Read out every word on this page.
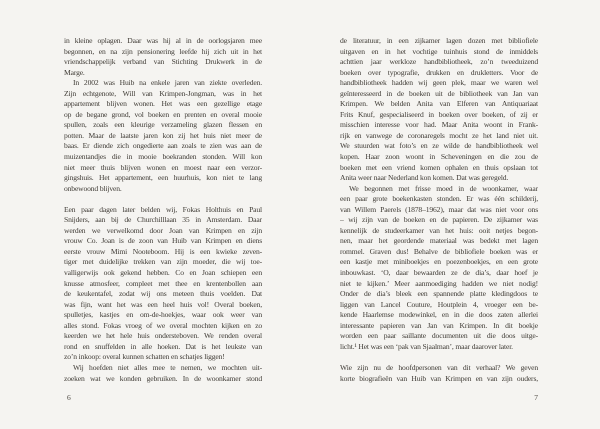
in kleine oplagen. Daar was hij al in de oorlogsjaren mee
begonnen, en na zijn pensionering leefde hij zich uit in het
vriendschappelijk verband van Stichting Drukwerk in de
Marge.
In 2002 was Huib na enkele jaren van ziekte overleden.
Zijn echtgenote, Will van Krimpen-Jongman, was in het
appartement blijven wonen. Het was een gezellige etage
op de begane grond, vol boeken en prenten en overal mooie
spullen, zoals een kleurige verzameling glazen flessen en
potten. Maar de laatste jaren kon zij het huis niet meer de
baas. Er diende zich ongedierte aan zoals te zien was aan de
muizentandjes die in mooie boekranden stonden. Will kon
niet meer thuis blijven wonen en moest naar een verzor-
gingshuis. Het appartement, een huurhuis, kon niet te lang
onbewoond blijven.
Een paar dagen later belden wij, Fokas Holthuis en Paul
Snijders, aan bij de Churchilllaan 35 in Amsterdam. Daar
werden we verwelkomd door Joan van Krimpen en zijn
vrouw Co. Joan is de zoon van Huib van Krimpen en diens
eerste vrouw Mimi Nooteboom. Hij is een kwieke zeven-
tiger met duidelijke trekken van zijn moeder, die wij toe-
valligerwijs ook gekend hebben. Co en Joan schiepen een
knusse atmosfeer, compleet met thee en krentenbollen aan
de keukentafel, zodat wij ons meteen thuis voelden. Dat
was fijn, want het was een heel huis vol! Overal boeken,
spulletjes, kastjes en om-de-hoekjes, waar ook weer van
alles stond. Fokas vroeg of we overal mochten kijken en zo
keerden we het hele huis ondersteboven. We renden overal
rond en snuffelden in alle hoeken. Dat is het leukste van
zo’n inkoop: overal kunnen schatten en schatjes liggen!
Wij hoefden niet alles mee te nemen, we mochten uit-
zoeken wat we konden gebruiken. In de woonkamer stond
de literatuur, in een zijkamer lagen dozen met bibliofiele
uitgaven en in het vochtige tuinhuis stond de inmiddels
achttien jaar werkloze handbibliotheek, zo’n tweeduizend
boeken over typografie, drukken en drukletters. Voor de
handbibliotheek hadden wij geen plek, maar we waren wel
geïnteresseerd in de boeken uit de bibliotheek van Jan van
Krimpen. We belden Anita van Elferen van Antiquariaat
Frits Knuf, gespecialiseerd in boeken over boeken, of zij er
misschien interesse voor had. Maar Anita woont in Frank-
rijk en vanwege de coronaregels mocht ze het land niet uit.
We stuurden wat foto’s en ze wilde de handbibliotheek wel
kopen. Haar zoon woont in Scheveningen en die zou de
boeken met een vriend komen ophalen en thuis opslaan tot
Anita weer naar Nederland kon komen. Dat was geregeld.
We begonnen met frisse moed in de woonkamer, waar
een paar grote boekenkasten stonden. Er was één schilderij,
van Willem Paerels (1878–1962), maar dat was niet voor ons
– wij zijn van de boeken en de papieren. De zijkamer was
kennelijk de studeerkamer van het huis: ooit netjes begon-
nen, maar het geordende materiaal was bedekt met lagen
rommel. Graven dus! Behalve de bibliofiele boeken was er
een kastje met miniboekjes en poezenboekjes, en een grote
inbouwkast. ‘O, daar bewaarden ze de dia’s, daar hoef je
niet te kijken.’ Meer aanmoediging hadden we niet nodig!
Onder de dia’s bleek een spannende platte kledingdoos te
liggen van Lancel Couture, Houtplein 4, vroeger een be-
kende Haarlemse modewinkel, en in die doos zaten allerlei
interessante papieren van Jan van Krimpen. In dit boekje
worden een paar saillante documenten uit die doos uitge-
licht.¹ Het was een ‘pak van Sjaalman’, maar daarover later.
Wie zijn nu de hoofdpersonen van dit verhaal? We geven
korte biografieën van Huib van Krimpen en van zijn ouders,
6	7
